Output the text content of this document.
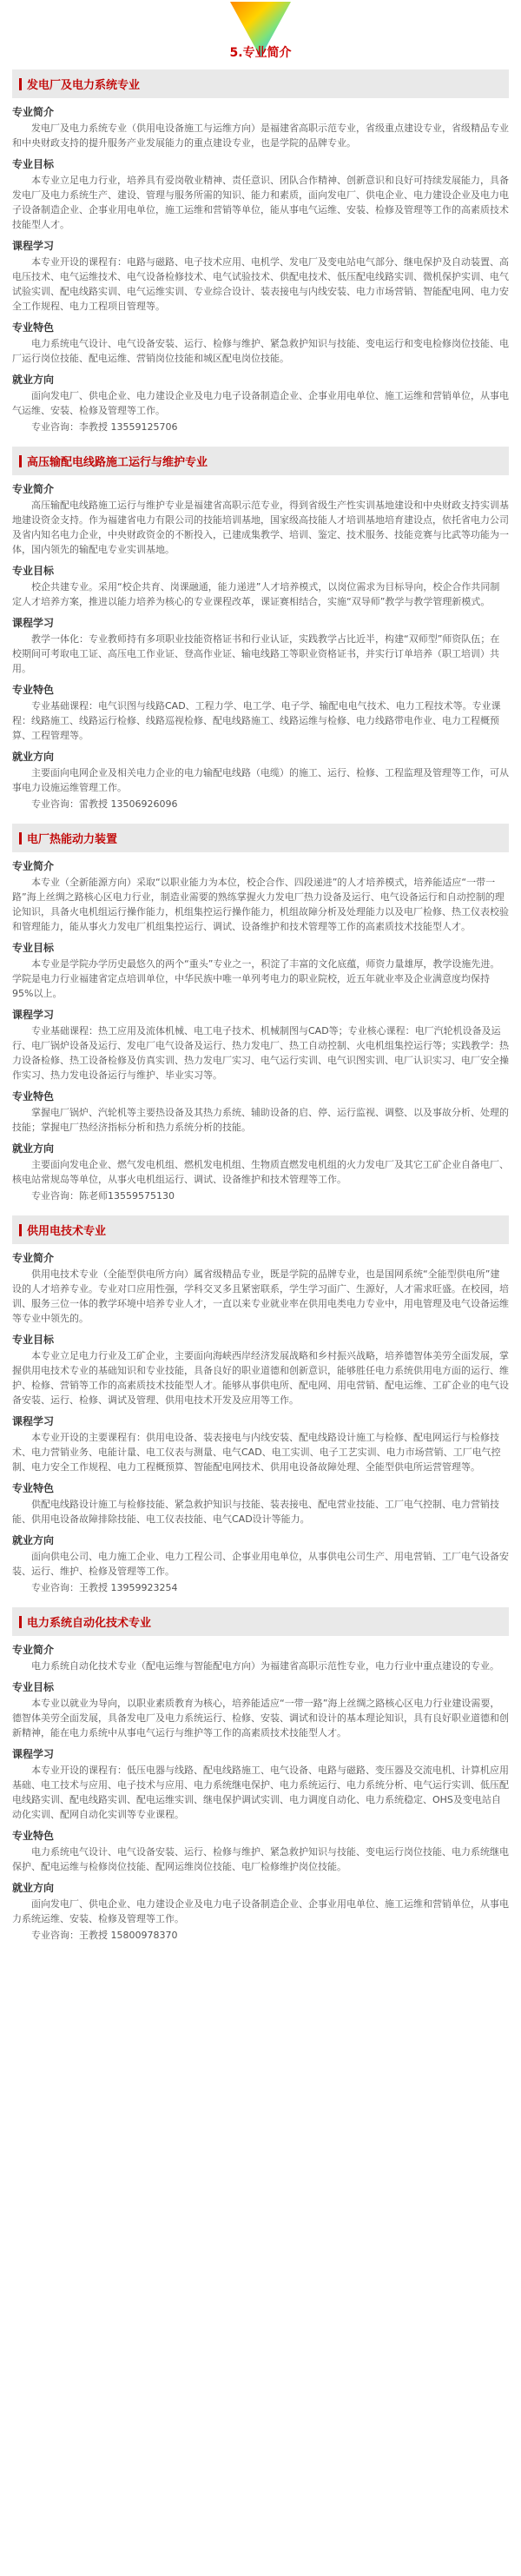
5.专业简介
发电厂及电力系统专业
专业简介

发电厂及电力系统专业（供用电设备施工与运维方向）是福建省高职示范专业，省级重点建设专业，省级精品专业和中央财政支持的提升服务产业发展能力的重点建设专业，也是学院的品牌专业。

专业目标

本专业立足电力行业，培养具有爱岗敬业精神、责任意识、团队合作精神、创新意识和良好可持续发展能力，具备发电厂及电力系统生产、建设、管理与服务所需的知识、能力和素质，面向发电厂、供电企业、电力建设企业及电力电子设备制造企业、企事业用电单位，施工运维和营销等单位，能从事电气运维、安装、检修及管理等工作的高素质技术技能型人才。

课程学习

本专业开设的课程有：电路与磁路、电子技术应用、电机学、发电厂及变电站电气部分、继电保护及自动装置、高电压技术、电气运维技术、电气设备检修技术、电气试验技术、供配电技术、低压配电线路实训、微机保护实训、电气试验实训、配电线路实训、电气运维实训、专业综合设计、装表接电与内线安装、电力市场营销、智能配电网、电力安全工作规程、电力工程项目管理等。

专业特色

电力系统电气设计、电气设备安装、运行、检修与维护、紧急救护知识与技能、变电运行和变电检修岗位技能、电厂运行岗位技能、配电运维、营销岗位技能和城区配电岗位技能。

就业方向

面向发电厂、供电企业、电力建设企业及电力电子设备制造企业、企事业用电单位、施工运维和营销单位，从事电气运维、安装、检修及管理等工作。

专业咨询：李教授 13559125706
高压输配电线路施工运行与维护专业
专业简介

高压输配电线路施工运行与维护专业是福建省高职示范专业，得到省级生产性实训基地建设和中央财政支持实训基地建设资金支持。作为福建省电力有限公司的技能培训基地，国家级高技能人才培训基地培育建设点，依托省电力公司及省内知名电力企业，中央财政资金的不断投入，已建成集教学、培训、鉴定、技术服务、技能竞赛与比武等功能为一体，国内领先的输配电专业实训基地。

专业目标

校企共建专业。采用“校企共育、岗课融通，能力递进”人才培养模式，以岗位需求为目标导向，校企合作共同制定人才培养方案，推进以能力培养为核心的专业课程改革，课证赛相结合，实施“双导师”教学与教学管理新模式。

课程学习

教学一体化：专业教师持有多项职业技能资格证书和行业认证，实践教学占比近半，构建“双师型”师资队伍；在校期间可考取电工证、高压电工作业证、登高作业证、输电线路工等职业资格证书，并实行订单培养（职工培训）共用。

专业特色

专业基础课程：电气识图与线路CAD、工程力学、电工学、电子学、输配电电气技术、电力工程技术等。专业课程：线路施工、线路运行检修、线路巡视检修、配电线路施工、线路运维与检修、电力线路带电作业、电力工程概预算、工程管理等。

就业方向

主要面向电网企业及相关电力企业的电力输配电线路（电缆）的施工、运行、检修、工程监理及管理等工作，可从事电力设施运维管理工作。

专业咨询：雷教授 13506926096
电厂热能动力装置
专业简介

本专业（全新能源方向）采取“以职业能力为本位，校企合作、四段递进”的人才培养模式，培养能适应“一带一路”海上丝绸之路核心区电力行业，制造业需要的熟练掌握火力发电厂热力设备及运行、电气设备运行和自动控制的理论知识，具备火电机组运行操作能力，机组集控运行操作能力，机组故障分析及处理能力以及电厂检修、热工仪表校验和管理能力，能从事火力发电厂机组集控运行、调试、设备维护和技术管理等工作的高素质技术技能型人才。

专业目标

本专业是学院办学历史最悠久的两个“重头”专业之一，积淀了丰富的文化底蕴，师资力量雄厚，教学设施先进。学院是电力行业福建省定点培训单位，中华民族中唯一单列考电力的职业院校，近五年就业率及企业满意度均保持95%以上。

课程学习

专业基础课程：热工应用及流体机械、电工电子技术、机械制图与CAD等；专业核心课程：电厂汽轮机设备及运行、电厂锅炉设备及运行、发电厂电气设备及运行、热力发电厂、热工自动控制、火电机组集控运行等；实践教学：热力设备检修、热工设备检修及仿真实训、热力发电厂实习、电气运行实训、电气识图实训、电厂认识实习、电厂安全操作实习、热力发电设备运行与维护、毕业实习等。

专业特色

掌握电厂锅炉、汽轮机等主要热设备及其热力系统、辅助设备的启、停、运行监视、调整、以及事故分析、处理的技能；掌握电厂热经济指标分析和热力系统分析的技能。

就业方向

主要面向发电企业、燃气发电机组、燃机发电机组、生物质直燃发电机组的火力发电厂及其它工矿企业自备电厂、核电站常规岛等单位，从事火电机组运行、调试、设备维护和技术管理等工作。

专业咨询：陈老师13559575130
供用电技术专业
专业简介

供用电技术专业（全能型供电所方向）属省级精品专业，既是学院的品牌专业，也是国网系统“全能型供电所”建设的人才培养专业。专业对口应用性强，学科交叉多且紧密联系，学生学习面广、生源好，人才需求旺盛。在校园，培训、服务三位一体的教学环境中培养专业人才，一直以来专业就业率在供用电类电力专业中，用电管理及电气设备运维等专业中领先的。

专业目标

本专业立足电力行业及工矿企业，主要面向海峡西岸经济发展战略和乡村振兴战略，培养德智体美劳全面发展，掌握供用电技术专业的基础知识和专业技能，具备良好的职业道德和创新意识，能够胜任电力系统供用电方面的运行、维护、检修、营销等工作的高素质技术技能型人才。能够从事供电所、配电网、用电营销、配电运维、工矿企业的电气设备安装、运行、检修、调试及管理、供用电技术开发及应用等工作。

课程学习

本专业开设的主要课程有：供用电设备、装表接电与内线安装、配电线路设计施工与检修、配电网运行与检修技术、电力营销业务、电能计量、电工仪表与测量、电气CAD、电工实训、电子工艺实训、电力市场营销、工厂电气控制、电力安全工作规程、电力工程概预算、智能配电网技术、供用电设备故障处理、全能型供电所运营管理等。

专业特色

供配电线路设计施工与检修技能、紧急救护知识与技能、装表接电、配电营业技能、工厂电气控制、电力营销技能、供用电设备故障排除技能、电工仪表技能、电气CAD设计等能力。

就业方向

面向供电公司、电力施工企业、电力工程公司、企事业用电单位，从事供电公司生产、用电营销、工厂电气设备安装、运行、维护、检修及管理等工作。

专业咨询：王教授 13959923254
电力系统自动化技术专业
专业简介

电力系统自动化技术专业（配电运维与智能配电方向）为福建省高职示范性专业，电力行业中重点建设的专业。

专业目标

本专业以就业为导向，以职业素质教育为核心，培养能适应“一带一路”海上丝绸之路核心区电力行业建设需要，德智体美劳全面发展，具备发电厂及电力系统运行、检修、安装、调试和设计的基本理论知识，具有良好职业道德和创新精神，能在电力系统中从事电气运行与维护等工作的高素质技术技能型人才。

课程学习

本专业开设的课程有：低压电器与线路、配电线路施工、电气设备、电路与磁路、变压器及交流电机、计算机应用基础、电工技术与应用、电子技术与应用、电力系统继电保护、电力系统运行、电力系统分析、电气运行实训、低压配电线路实训、配电线路实训、配电运维实训、继电保护调试实训、电力调度自动化、电力系统稳定、OHS及变电站自动化实训、配网自动化实训等专业课程。

专业特色

电力系统电气设计、电气设备安装、运行、检修与维护、紧急救护知识与技能、变电运行岗位技能、电力系统继电保护、配电运维与检修岗位技能、配网运维岗位技能、电厂检修维护岗位技能。

就业方向

面向发电厂、供电企业、电力建设企业及电力电子设备制造企业、企事业用电单位、施工运维和营销单位，从事电力系统运维、安装、检修及管理等工作。

专业咨询：王教授 15800978370
